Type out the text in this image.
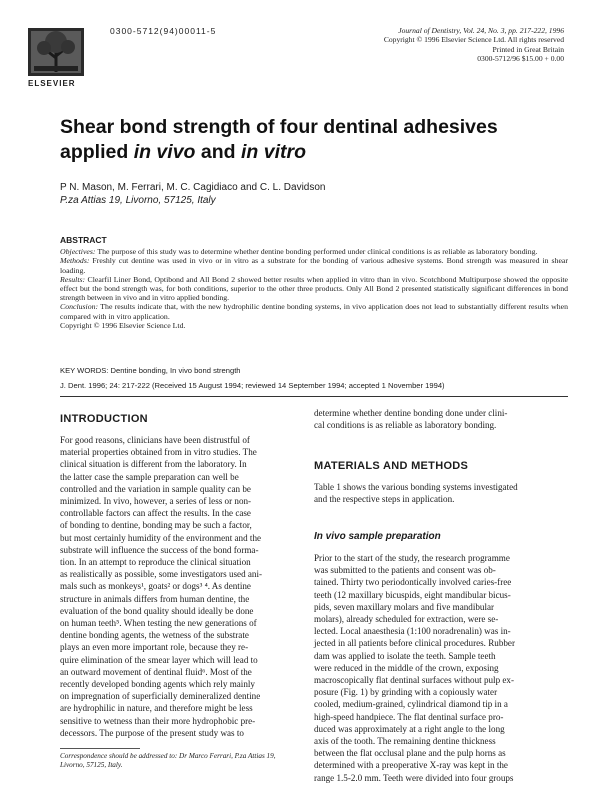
ELSEVIER
0300-5712(94)00011-5	Journal of Dentistry, Vol. 24, No. 3, pp. 217-222, 1996
Copyright © 1996 Elsevier Science Ltd. All rights reserved
Printed in Great Britain
0300-5712/96 $15.00 + 0.00
Shear bond strength of four dentinal adhesives
applied in vivo and in vitro
P N. Mason, M. Ferrari, M. C. Cagidiaco and C. L. Davidson
P.za Attias 19, Livorno, 57125, Italy
ABSTRACT

Objectives: The purpose of this study was to determine whether dentine bonding performed under clinical conditions is as reliable as laboratory bonding.

Methods: Freshly cut dentine was used in vivo or in vitro as a substrate for the bonding of various adhesive systems. Bond strength was measured in shear loading.

Results: Clearfil Liner Bond, Optibond and All Bond 2 showed better results when applied in vitro than in vivo. Scotchbond Multipurpose showed the opposite effect but the bond strength was, for both conditions, superior to the other three products. Only All Bond 2 presented statistically significant differences in bond strength between in vivo and in vitro applied bonding.

Conclusion: The results indicate that, with the new hydrophilic dentine bonding systems, in vivo application does not lead to substantially different results when compared with in vitro application.

Copyright © 1996 Elsevier Science Ltd.

KEY WORDS: Dentine bonding, In vivo bond strength
J. Dent. 1996; 24: 217-222 (Received 15 August 1994; reviewed 14 September 1994; accepted 1 November 1994)
INTRODUCTION
For good reasons, clinicians have been distrustful of
material properties obtained from in vitro studies. The
clinical situation is different from the laboratory. In
the latter case the sample preparation can well be
controlled and the variation in sample quality can be
minimized. In vivo, however, a series of less or non-
controllable factors can affect the results. In the case
of bonding to dentine, bonding may be such a factor,
but most certainly humidity of the environment and the
substrate will influence the success of the bond forma-
tion. In an attempt to reproduce the clinical situation
as realistically as possible, some investigators used ani-
mals such as monkeys¹, goats² or dogs³ ⁴. As dentine
structure in animals differs from human dentine, the
evaluation of the bond quality should ideally be done
on human teeth⁵. When testing the new generations of
dentine bonding agents, the wetness of the substrate
plays an even more important role, because they re-
quire elimination of the smear layer which will lead to
an outward movement of dentinal fluid⁶. Most of the
recently developed bonding agents which rely mainly
on impregnation of superficially demineralized dentine
are hydrophilic in nature, and therefore might be less
sensitive to wetness than their more hydrophobic pre-
decessors. The purpose of the present study was to
Correspondence should be addressed to: Dr Marco Ferrari, P.za Attias 19, Livorno, 57125, Italy.
determine whether dentine bonding done under clini-
cal conditions is as reliable as laboratory bonding.
MATERIALS AND METHODS
Table 1 shows the various bonding systems investigated
and the respective steps in application.
In vivo sample preparation
Prior to the start of the study, the research programme
was submitted to the patients and consent was ob-
tained. Thirty two periodontically involved caries-free
teeth (12 maxillary bicuspids, eight mandibular bicus-
pids, seven maxillary molars and five mandibular
molars), already scheduled for extraction, were se-
lected. Local anaesthesia (1:100 noradrenalin) was in-
jected in all patients before clinical procedures. Rubber
dam was applied to isolate the teeth. Sample teeth
were reduced in the middle of the crown, exposing
macroscopically flat dentinal surfaces without pulp ex-
posure (Fig. 1) by grinding with a copiously water
cooled, medium-grained, cylindrical diamond tip in a
high-speed handpiece. The flat dentinal surface pro-
duced was approximately at a right angle to the long
axis of the tooth. The remaining dentine thickness
between the flat occlusal plane and the pulp horns as
determined with a preoperative X-ray was kept in the
range 1.5-2.0 mm. Teeth were divided into four groups
